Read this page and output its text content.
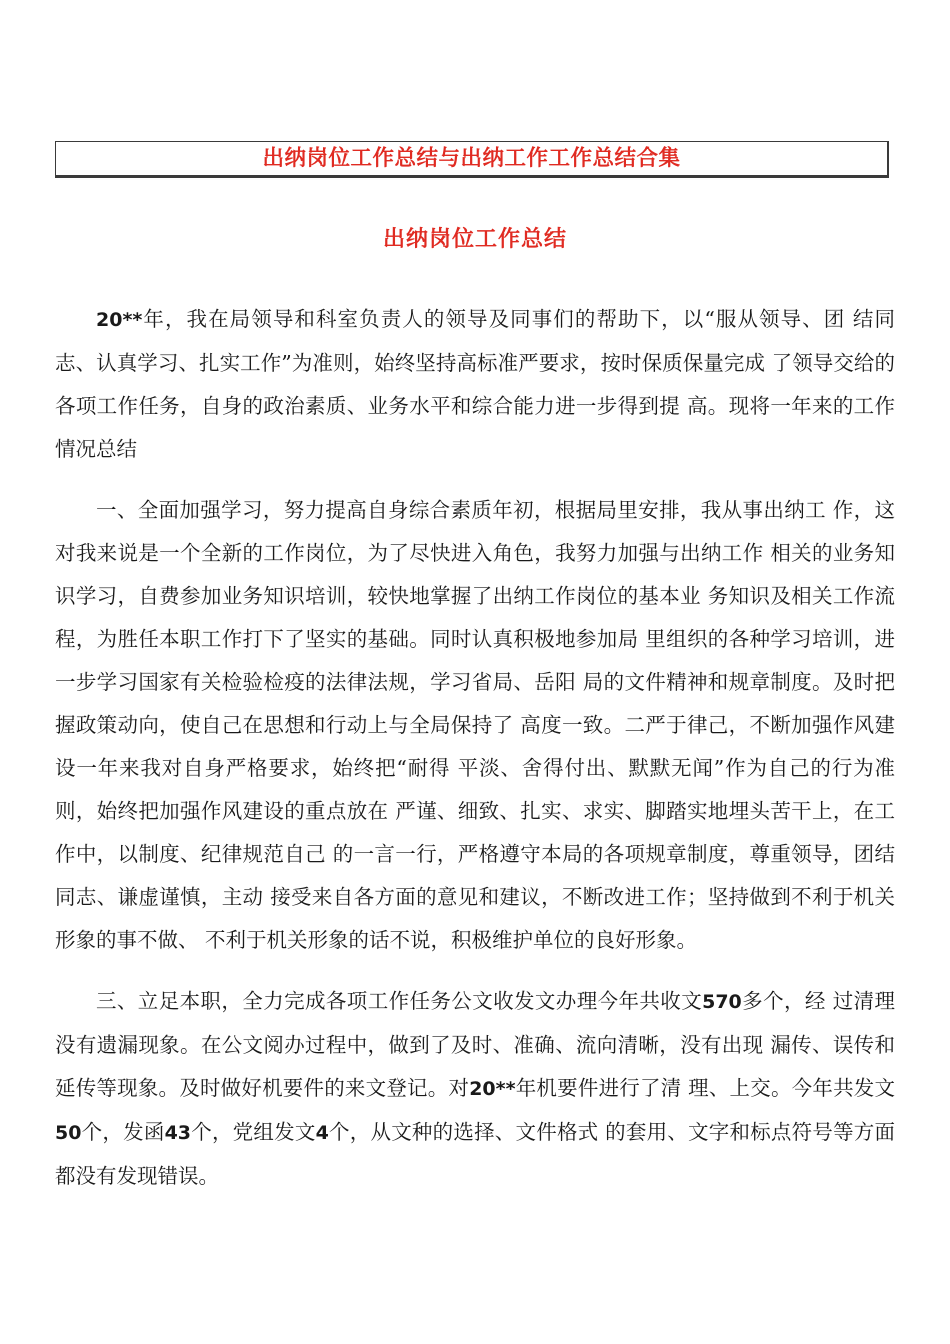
出纳岗位工作总结与出纳工作工作总结合集
出纳岗位工作总结

20**年，我在局领导和科室负责人的领导及同事们的帮助下，以“服从领导、团 结同志、认真学习、扎实工作”为准则，始终坚持高标准严要求，按时保质保量完成 了领导交给的各项工作任务，自身的政治素质、业务水平和综合能力进一步得到提 高。现将一年来的工作情况总结

一、全面加强学习，努力提高自身综合素质年初，根据局里安排，我从事出纳工 作，这对我来说是一个全新的工作岗位，为了尽快进入角色，我努力加强与出纳工作 相关的业务知识学习，自费参加业务知识培训，较快地掌握了出纳工作岗位的基本业 务知识及相关工作流程，为胜任本职工作打下了坚实的基础。同时认真积极地参加局 里组织的各种学习培训，进一步学习国家有关检验检疫的法律法规，学习省局、岳阳 局的文件精神和规章制度。及时把握政策动向，使自己在思想和行动上与全局保持了 高度一致。二严于律己，不断加强作风建设一年来我对自身严格要求，始终把“耐得 平淡、舍得付出、默默无闻”作为自己的行为准则，始终把加强作风建设的重点放在 严谨、细致、扎实、求实、脚踏实地埋头苦干上，在工作中，以制度、纪律规范自己 的一言一行，严格遵守本局的各项规章制度，尊重领导，团结同志、谦虚谨慎，主动 接受来自各方面的意见和建议，不断改进工作；坚持做到不利于机关形象的事不做、 不利于机关形象的话不说，积极维护单位的良好形象。

三、立足本职，全力完成各项工作任务公文收发文办理今年共收文570多个，经 过清理没有遗漏现象。在公文阅办过程中，做到了及时、准确、流向清晰，没有出现 漏传、误传和延传等现象。及时做好机要件的来文登记。对20**年机要件进行了清 理、上交。今年共发文50个，发函43个，党组发文4个，从文种的选择、文件格式 的套用、文字和标点符号等方面都没有发现错误。
